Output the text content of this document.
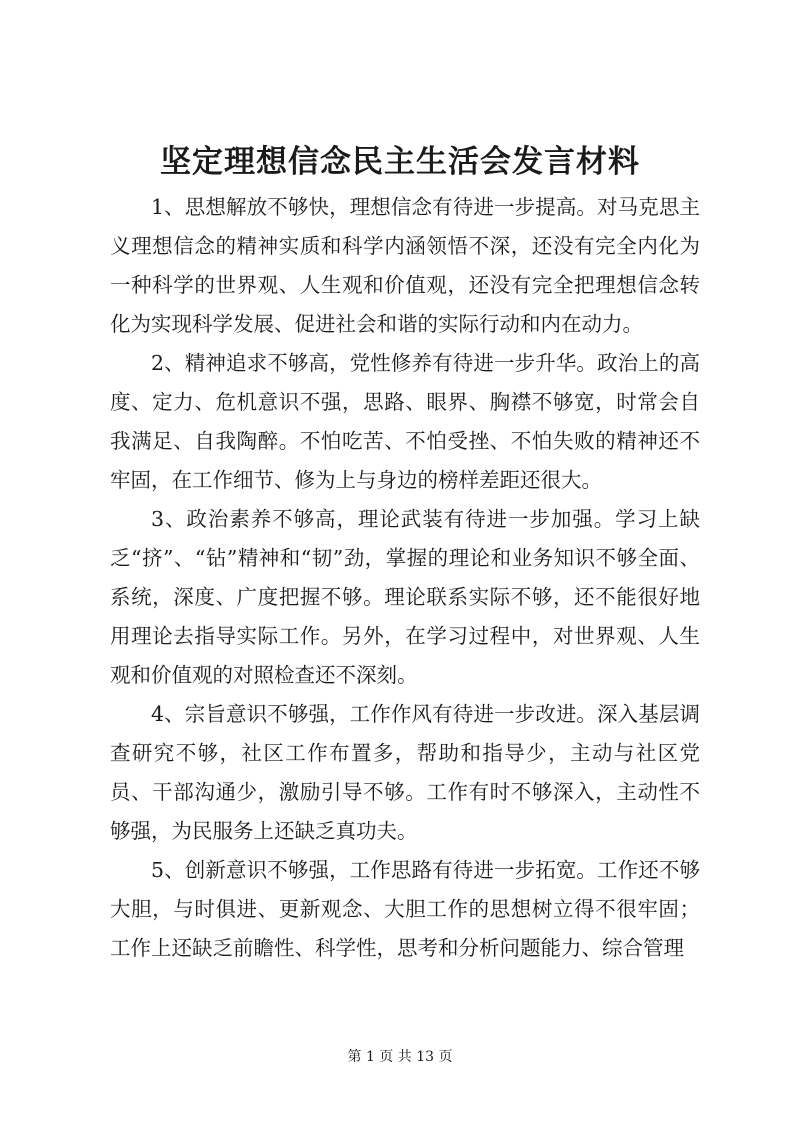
坚定理想信念民主生活会发言材料

1、思想解放不够快，理想信念有待进一步提高。对马克思主义理想信念的精神实质和科学内涵领悟不深，还没有完全内化为一种科学的世界观、人生观和价值观，还没有完全把理想信念转化为实现科学发展、促进社会和谐的实际行动和内在动力。

2、精神追求不够高，党性修养有待进一步升华。政治上的高度、定力、危机意识不强，思路、眼界、胸襟不够宽，时常会自我满足、自我陶醉。不怕吃苦、不怕受挫、不怕失败的精神还不牢固，在工作细节、修为上与身边的榜样差距还很大。

3、政治素养不够高，理论武装有待进一步加强。学习上缺乏“挤”、“钻”精神和“韧”劲，掌握的理论和业务知识不够全面、系统，深度、广度把握不够。理论联系实际不够，还不能很好地用理论去指导实际工作。另外，在学习过程中，对世界观、人生观和价值观的对照检查还不深刻。

4、宗旨意识不够强，工作作风有待进一步改进。深入基层调查研究不够，社区工作布置多，帮助和指导少，主动与社区党员、干部沟通少，激励引导不够。工作有时不够深入，主动性不够强，为民服务上还缺乏真功夫。

5、创新意识不够强，工作思路有待进一步拓宽。工作还不够大胆，与时俱进、更新观念、大胆工作的思想树立得不很牢固；工作上还缺乏前瞻性、科学性，思考和分析问题能力、综合管理

第 1 页 共 13 页
